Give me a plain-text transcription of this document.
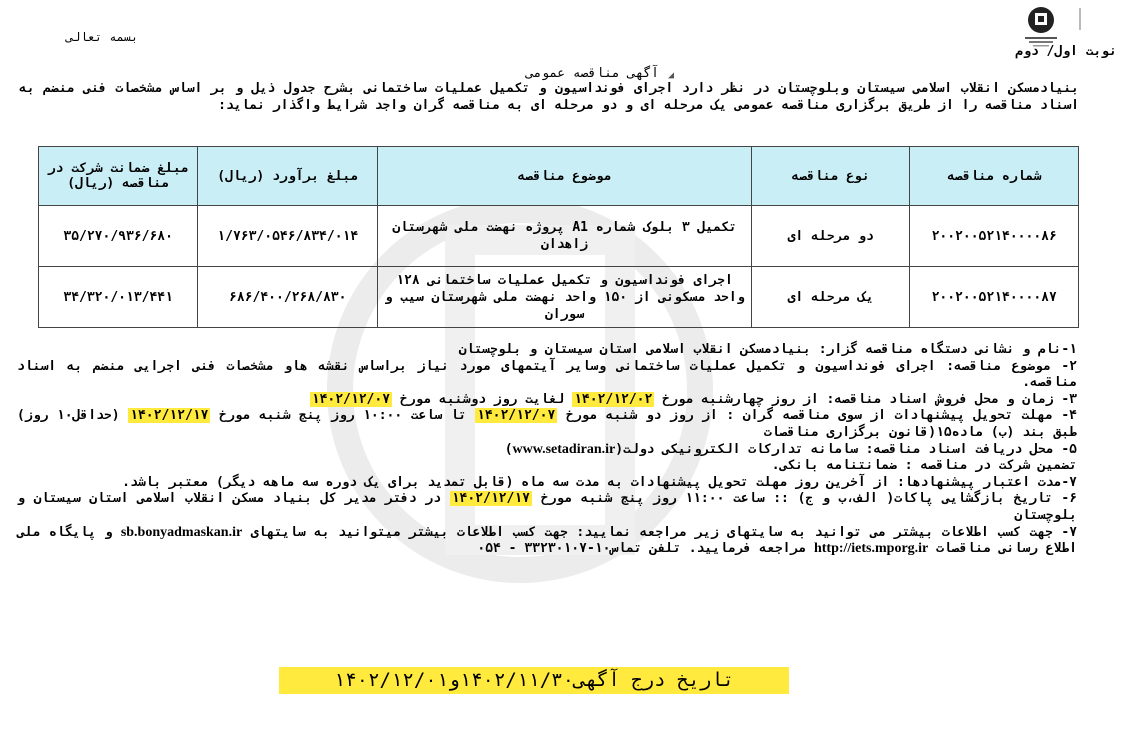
بسمه تعالی
نوبت اول/ دوم
◢
آگهی مناقصه عمومی
بنیادمسکن انقلاب اسلامی سیستان وبلوچستان در نظر دارد اجرای فونداسیون و تکمیل عملیات ساختمانی بشرح جدول ذیل و بر اساس مشخصات فنی منضم به اسناد مناقصه را از طریق برگزاری مناقصه عمومی یک مرحله ای و دو مرحله ای به مناقصه گران واجد شرایط واگذار نماید:
شماره مناقصه	نوع مناقصه	موضوع مناقصه	مبلغ برآورد (ریال)	مبلغ ضمانت شرکت در مناقصه (ریال)
۲۰۰۲۰۰۵۲۱۴۰۰۰۰۸۶	دو مرحله ای	تکمیل ۳ بلوک شماره A1 پروژه نهضت ملی شهرستان زاهدان	۱/۷۶۳/۰۵۴۶/۸۳۴/۰۱۴	۳۵/۲۷۰/۹۳۶/۶۸۰
۲۰۰۲۰۰۵۲۱۴۰۰۰۰۸۷	یک مرحله ای	اجرای فونداسیون و تکمیل عملیات ساختمانی ۱۲۸ واحد مسکونی از ۱۵۰ واحد نهضت ملی شهرستان سیب و سوران	۶۸۶/۴۰۰/۲۶۸/۸۳۰	۳۴/۳۲۰/۰۱۳/۴۴۱

۱-نام و نشانی دستگاه مناقصه گزار: بنیادمسکن انقلاب اسلامی استان سیستان و بلوچستان

۲- موضوع مناقصه: اجرای فونداسیون و تکمیل عملیات ساختمانی وسایر آیتمهای مورد نیاز براساس نقشه هاو مشخصات فنی اجرایی منضم به اسناد مناقصه.

۳- زمان و محل فروش اسناد مناقصه: از روز چهارشنبه مورخ ۱۴۰۲/۱۲/۰۲ لغایت روز دوشنبه مورخ ۱۴۰۲/۱۲/۰۷

۴- مهلت تحویل پیشنهادات از سوی مناقصه گران : از روز دو شنبه مورخ ۱۴۰۲/۱۲/۰۷ تا ساعت ۱۰:۰۰ روز پنج شنبه مورخ ۱۴۰۲/۱۲/۱۷ (حداقل۱۰ روز) طبق بند (ب) ماده۱۵(قانون برگزاری مناقصات

۵- محل دریافت اسناد مناقصه: سامانه تدارکات الکترونیکی دولت(www.setadiran.ir)

تضمین شرکت در مناقصه : ضمانتنامه بانکی.

۷-مدت اعتبار پیشنهادها: از آخرین روز مهلت تحویل پیشنهادات به مدت سه ماه (قابل تمدید برای یک دوره سه ماهه دیگر) معتبر باشد.

۶- تاریخ بازگشایی پاکات( الف،ب و ج) :: ساعت ۱۱:۰۰ روز پنج شنبه مورخ ۱۴۰۲/۱۲/۱۷ در دفتر مدیر کل بنیاد مسکن انقلاب اسلامی استان سیستان و بلوچستان

۷- جهت کسب اطلاعات بیشتر می توانید به سایتهای زیر مراجعه نمایید: جهت کسب اطلاعات بیشتر میتوانید به سایتهای sb.bonyadmaskan.ir و پایگاه ملی اطلاع رسانی مناقصات http://iets.mporg.ir مراجعه فرمایید. تلفن تماس۱۰-۳۳۲۳۰۱۰۷ - ۰۵۴

تاریخ درج آگهی۱۴۰۲/۱۱/۳۰و۱۴۰۲/۱۲/۰۱
